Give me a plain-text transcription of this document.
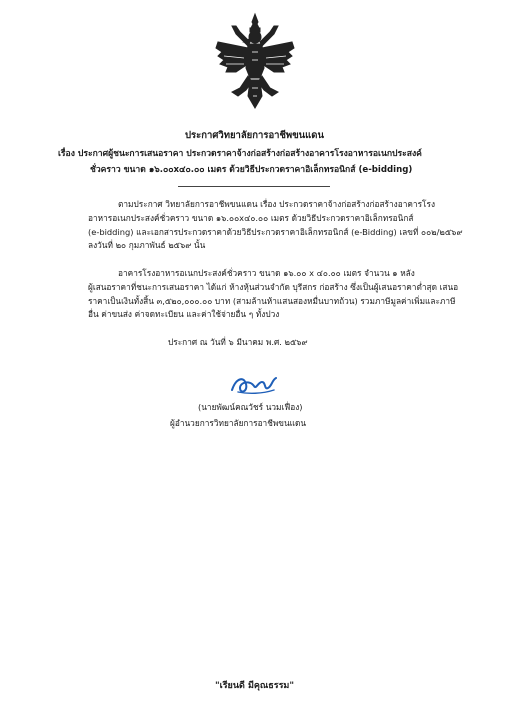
ประกาศวิทยาลัยการอาชีพขนแดน
เรื่อง ประกาศผู้ชนะการเสนอราคา ประกวดราคาจ้างก่อสร้างก่อสร้างอาคารโรงอาหารอเนกประสงค์
ชั่วคราว ขนาด ๑๖.๐๐x๔๐.๐๐ เมตร ด้วยวิธีประกวดราคาอิเล็กทรอนิกส์ (e-bidding)
ตามประกาศ วิทยาลัยการอาชีพขนแดน เรื่อง ประกวดราคาจ้างก่อสร้างก่อสร้างอาคารโรง
อาหารอเนกประสงค์ชั่วคราว ขนาด ๑๖.๐๐x๔๐.๐๐ เมตร ด้วยวิธีประกวดราคาอิเล็กทรอนิกส์
(e-bidding) และเอกสารประกวดราคาด้วยวิธีประกวดราคาอิเล็กทรอนิกส์ (e-Bidding) เลขที่ ๐๐๒/๒๕๖๙
ลงวันที่ ๒๐ กุมภาพันธ์ ๒๕๖๙ นั้น
อาคารโรงอาหารอเนกประสงค์ชั่วคราว ขนาด ๑๖.๐๐ x ๔๐.๐๐ เมตร จำนวน ๑ หลัง
ผู้เสนอราคาที่ชนะการเสนอราคา ได้แก่ ห้างหุ้นส่วนจำกัด บุรีสกร ก่อสร้าง ซึ่งเป็นผู้เสนอราคาต่ำสุด เสนอ
ราคาเป็นเงินทั้งสิ้น ๓,๕๒๐,๐๐๐.๐๐ บาท (สามล้านห้าแสนสองหมื่นบาทถ้วน) รวมภาษีมูลค่าเพิ่มและภาษี
อื่น ค่าขนส่ง ค่าจดทะเบียน และค่าใช้จ่ายอื่น ๆ ทั้งปวง
ประกาศ ณ วันที่ ๖ มีนาคม พ.ศ. ๒๕๖๙
(นายพัฒน์คณวัชร์ นวมเฟื่อง)
ผู้อำนวยการวิทยาลัยการอาชีพขนแดน
"เรียนดี มีคุณธรรม"
